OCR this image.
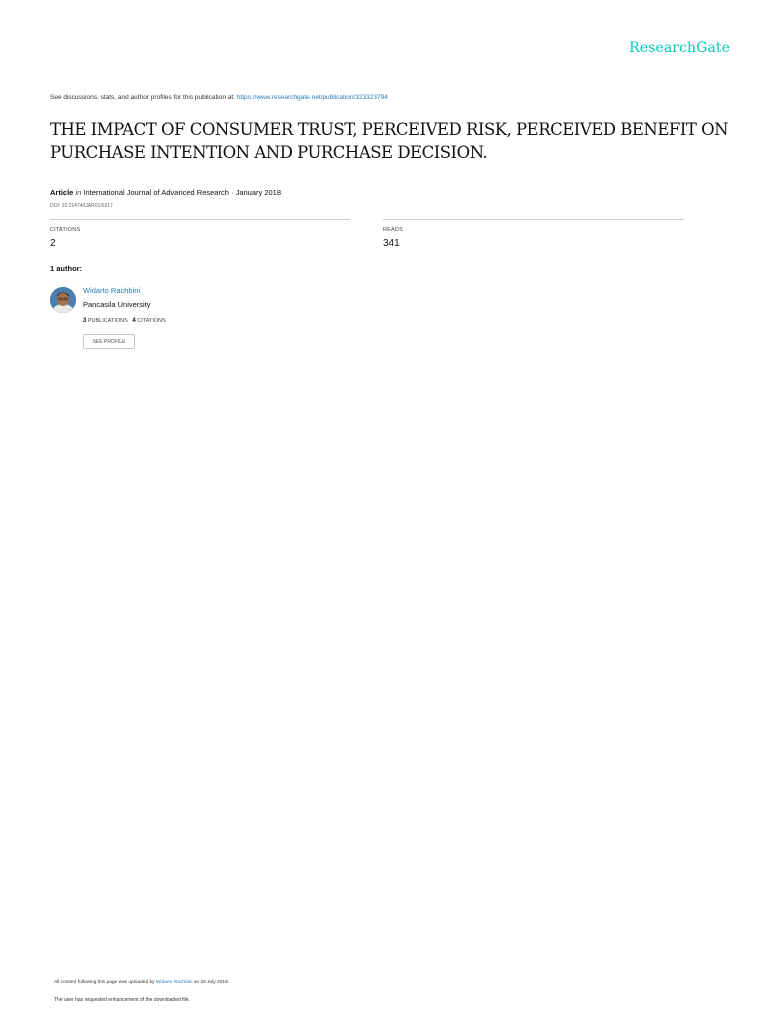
ResearchGate
See discussions, stats, and author profiles for this publication at: https://www.researchgate.net/publication/323323794
THE IMPACT OF CONSUMER TRUST, PERCEIVED RISK, PERCEIVED BENEFIT ON PURCHASE INTENTION AND PURCHASE DECISION.
Article in International Journal of Advanced Research · January 2018
DOI: 10.21474/IJAR01/6317
CITATIONS
2
READS
341
1 author:
Widarto Rachbini
Pancasila University
3 PUBLICATIONS 4 CITATIONS
SEE PROFILE
All content following this page was uploaded by Widarto Rachbini on 20 July 2018.
The user has requested enhancement of the downloaded file.
